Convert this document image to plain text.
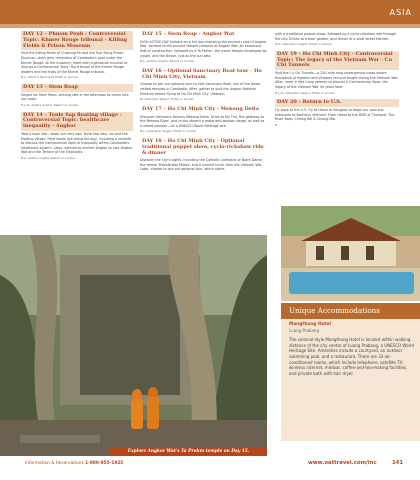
ASIA
DAY 12 – Phnom Penh - Controversial Topic: Khmer Rouge tribunal - Killing Fields & Prison Museum
Visit the Killing Fields of Choeung Ek and the Tuol Sleng Prison Museum—both grim reminders of Cambodia's past under the Khmer Rouge. At the museum, meet with a genocide survivor to discuss a Controversial Topic: the tribunal of the Khmer Rouge leaders and the trials of the Khmer Rouge tribunal.
B,L—Phnom Penh Ritz Hotel or similar
DAY 13 – Siem Reap
Depart for Siem Reap, arriving late in the afternoon to check into our hotel.
B,L,D—Sokha Angkor Resort or similar
DAY 14 – Tonle Sap floating village - Controversial Topic: healthcare inequality - Angkor
Take a boat ride—down our very own Tonle Sap lake—to visit the floating village. Here locals live along the way, including a midwife to discuss the Controversial Topic of inequality within Cambodia's healthcare system. Later, venture to ancient Angkor to visit Angkor Wat and the Terrace of the Elephants.
B,L—Sokha Angkor Resort or similar
DAY 15 – Siem Reap - Angkor Wat
HIGH ACTIVE DAY Embark on a full day exploring the ancient ruins of Angkor Wat. Venture to the ancient temple complex at Angkor Wat, an enormous feat of construction, followed by a Ta Prohm, the iconic temple enveloped by jungle, and the Bayon, just as the sun sets.
B,L—Sokha Angkor Resort or similar
DAY 16 – Optional Sanctuary Boat tour - Ho Chi Minh City, Vietnam
Choose to join our optional tour to visit Sanctuary Boat, one of the lesser-visited temples in Cambodia. After, gather to visit the Angkor National Museum before flying to Ho Chi Minh City, Vietnam.
B—Sheraton Saigon Hotel or similar
DAY 17 – Ho Chi Minh City - Mekong Delta
Discover Vietnam's famous Mekong Delta. Drive to My Tho, the gateway to the Mekong River, and cruise aboard a motorized wooden barge, as well as a rowed sampan—on a UNESCO-World Heritage site.
B,L—Sheraton Saigon Hotel or similar
DAY 18 – Ho Chi Minh City - Optional traditional puppet show, cyclo-rickshaw ride & dinner
Discover the city's sights, including the Catholic Cathedral of Notre Dame, the former Presidential Palace, and a summit lunch from the Vietnam War. Later, choose to join our optional tour, which starts
with a traditional puppet show, followed by a cyclo-rickshaw ride through the city. Drinks at a beer garden, and dinner at a local street kitchen.
B,D—Sheraton Saigon Hotel or similar
DAY 19 – Ho Chi Minh City - Controversial Topic: The legacy of the Vietnam War - Cu Chi Tunnels
Visit the Cu Chi Tunnels—a 250-mile-long underground maze where thousands of fighters and villagers hid and fought during the Vietnam War. After, meet a Viet Cong veteran to discuss a Controversial Topic: the legacy of the Vietnam War 50 years later.
B,L,D—Sheraton Saigon Hotel or similar
DAY 20 – Return to U.S.
Fly back to the U.S. Fly to Hanoi or Bangkok to begin our post-trip extension to Northern Vietnam: From Hanoi to the DMZ or Thailand: The River Kwai, Chiang Rai & Chiang Mai.
B
Explore Angkor Wat's Ta Prohm temple on Day 15.
Unique Accommodations
Mangthong Hotel
Luang Prabang
The colonial-style Mangthong Hotel is located within walking distance of the city center of Luang Prabang, a UNESCO World Heritage Site. Amenities include a courtyard, an outdoor swimming pool, and a restaurant. There are 33 air-conditioned rooms, which include telephone, satellite TV, wireless internet, minibar, coffee-and-tea-making facilities, and private bath with hair dryer.
Information & Reservations 1-800-955-1925	www.oattravel.com/inc	141
